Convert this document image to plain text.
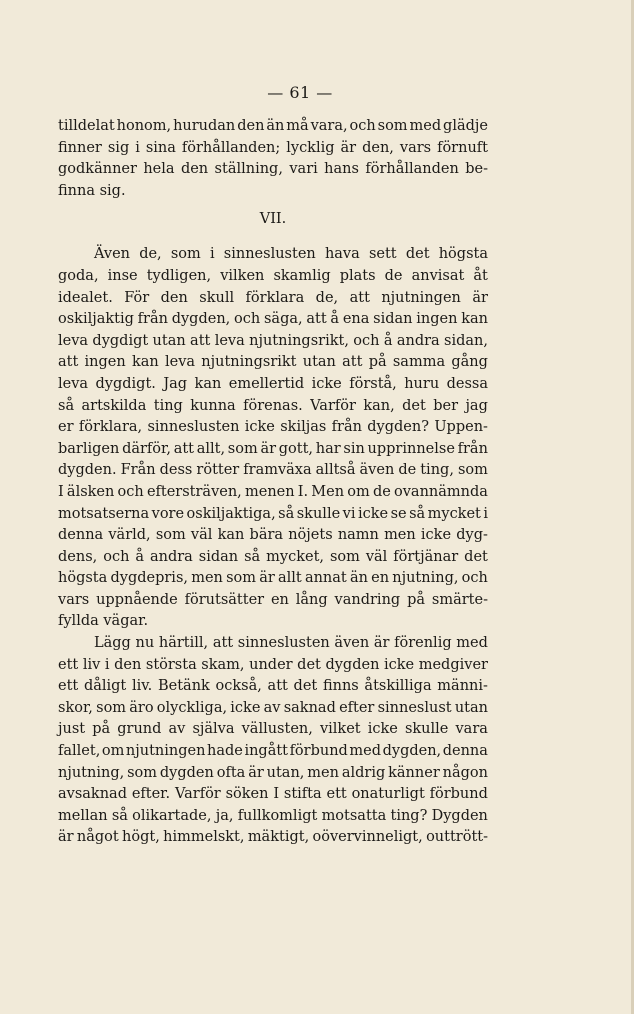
— 61 —
tilldelat honom, hurudan den än må vara, och som med glädje
finner sig i sina förhållanden; lycklig är den, vars förnuft
godkänner hela den ställning, vari hans förhållanden be-
finna sig.
VII.
Även de, som i sinneslusten hava sett det högsta
goda, inse tydligen, vilken skamlig plats de anvisat åt
idealet. För den skull förklara de, att njutningen är
oskiljaktig från dygden, och säga, att å ena sidan ingen kan
leva dygdigt utan att leva njutningsrikt, och å andra sidan,
att ingen kan leva njutningsrikt utan att på samma gång
leva dygdigt. Jag kan emellertid icke förstå, huru dessa
så artskilda ting kunna förenas. Varför kan, det ber jag
er förklara, sinneslusten icke skiljas från dygden? Uppen-
barligen därför, att allt, som är gott, har sin upprinnelse från
dygden. Från dess rötter framväxa alltså även de ting, som
I älsken och eftersträven, menen I. Men om de ovannämnda
motsatserna vore oskiljaktiga, så skulle vi icke se så mycket i
denna värld, som väl kan bära nöjets namn men icke dyg-
dens, och å andra sidan så mycket, som väl förtjänar det
högsta dygdepris, men som är allt annat än en njutning, och
vars uppnående förutsätter en lång vandring på smärte-
fyllda vägar.
Lägg nu härtill, att sinneslusten även är förenlig med
ett liv i den största skam, under det dygden icke medgiver
ett dåligt liv. Betänk också, att det finns åtskilliga männi-
skor, som äro olyckliga, icke av saknad efter sinneslust utan
just på grund av själva vällusten, vilket icke skulle vara
fallet, om njutningen hade ingått förbund med dygden, denna
njutning, som dygden ofta är utan, men aldrig känner någon
avsaknad efter. Varför söken I stifta ett onaturligt förbund
mellan så olikartade, ja, fullkomligt motsatta ting? Dygden
är något högt, himmelskt, mäktigt, oövervinneligt, outtrött-
